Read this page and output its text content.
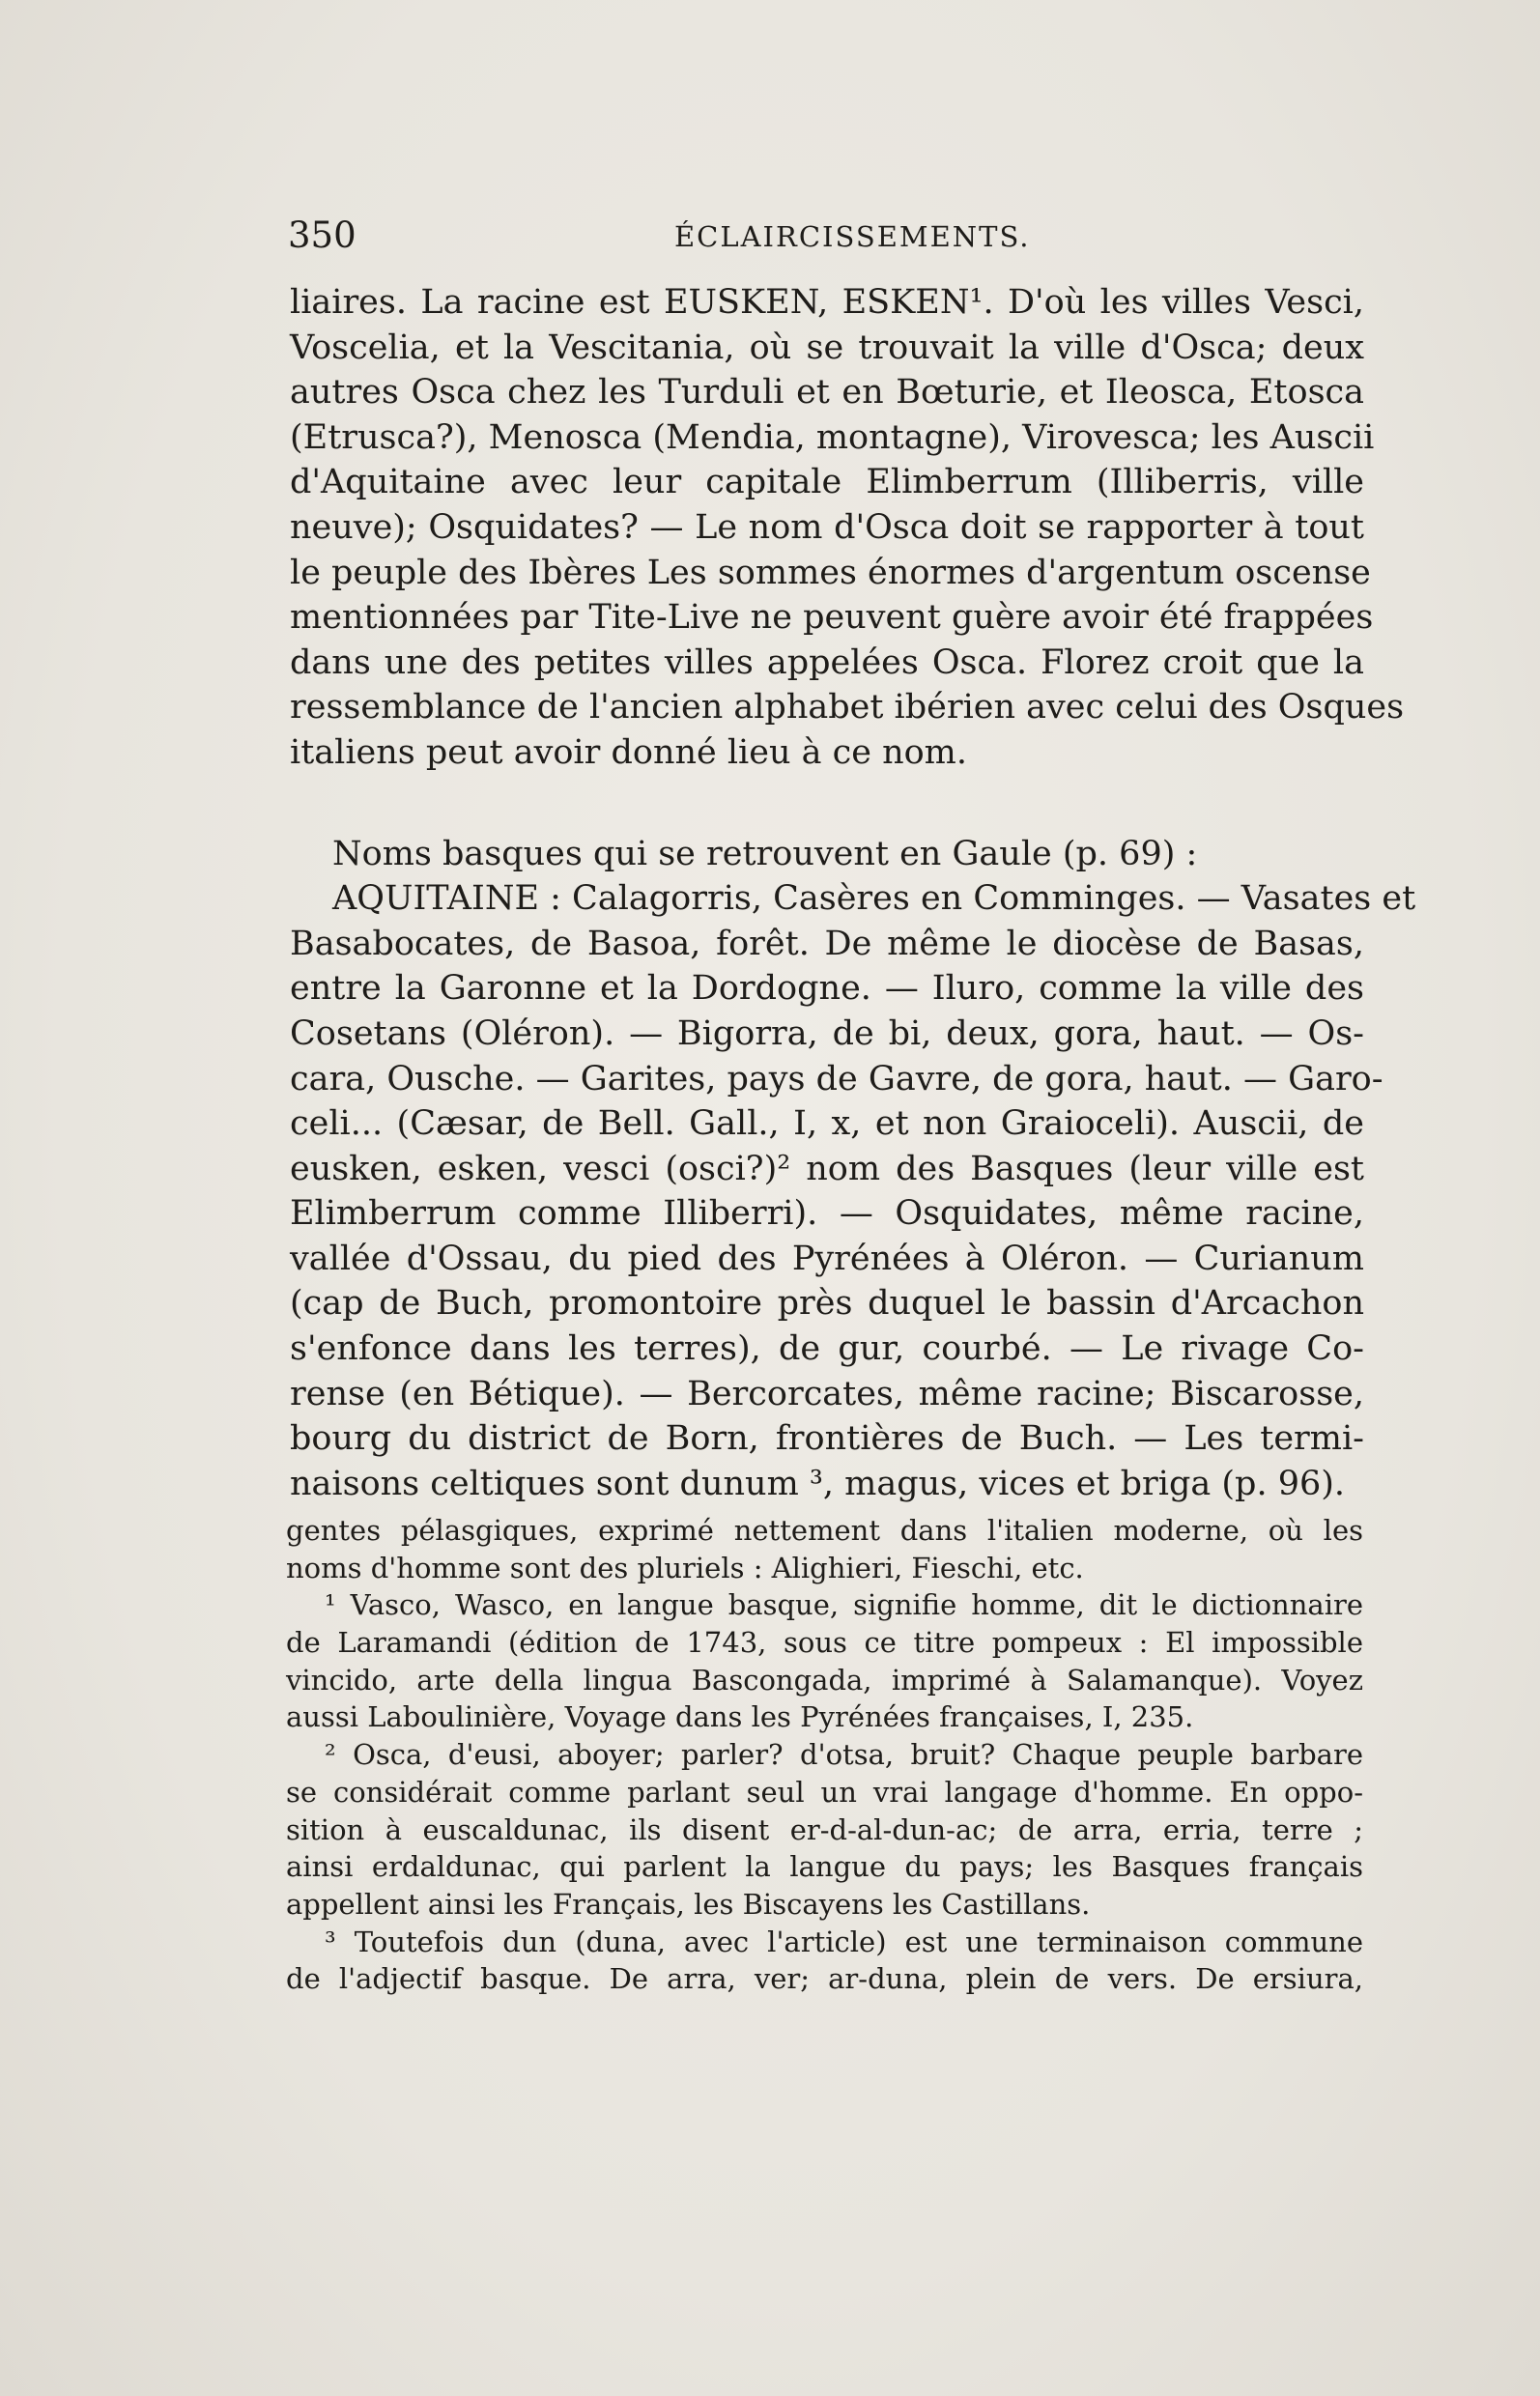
350	ÉCLAIRCISSEMENTS.
liaires. La racine est EUSKEN, ESKEN¹. D'où les villes Vesci,
Voscelia, et la Vescitania, où se trouvait la ville d'Osca; deux
autres Osca chez les Turduli et en Bœturie, et Ileosca, Etosca
(Etrusca?), Menosca (Mendia, montagne), Virovesca; les Auscii
d'Aquitaine avec leur capitale Elimberrum (Illiberris, ville
neuve); Osquidates? — Le nom d'Osca doit se rapporter à tout
le peuple des Ibères Les sommes énormes d'argentum oscense
mentionnées par Tite-Live ne peuvent guère avoir été frappées
dans une des petites villes appelées Osca. Florez croit que la
ressemblance de l'ancien alphabet ibérien avec celui des Osques
italiens peut avoir donné lieu à ce nom.
Noms basques qui se retrouvent en Gaule (p. 69) :
AQUITAINE : Calagorris, Casères en Comminges. — Vasates et
Basabocates, de Basoa, forêt. De même le diocèse de Basas,
entre la Garonne et la Dordogne. — Iluro, comme la ville des
Cosetans (Oléron). — Bigorra, de bi, deux, gora, haut. — Os-
cara, Ousche. — Garites, pays de Gavre, de gora, haut. — Garo-
celi... (Cæsar, de Bell. Gall., I, x, et non Graioceli). Auscii, de
eusken, esken, vesci (osci?)² nom des Basques (leur ville est
Elimberrum comme Illiberri). — Osquidates, même racine,
vallée d'Ossau, du pied des Pyrénées à Oléron. — Curianum
(cap de Buch, promontoire près duquel le bassin d'Arcachon
s'enfonce dans les terres), de gur, courbé. — Le rivage Co-
rense (en Bétique). — Bercorcates, même racine; Biscarosse,
bourg du district de Born, frontières de Buch. — Les termi-
naisons celtiques sont dunum ³, magus, vices et briga (p. 96).
gentes pélasgiques, exprimé nettement dans l'italien moderne, où les
noms d'homme sont des pluriels : Alighieri, Fieschi, etc.
¹ Vasco, Wasco, en langue basque, signifie homme, dit le dictionnaire
de Laramandi (édition de 1743, sous ce titre pompeux : El impossible
vincido, arte della lingua Bascongada, imprimé à Salamanque). Voyez
aussi Laboulinière, Voyage dans les Pyrénées françaises, I, 235.
² Osca, d'eusi, aboyer; parler? d'otsa, bruit? Chaque peuple barbare
se considérait comme parlant seul un vrai langage d'homme. En oppo-
sition à euscaldunac, ils disent er-d-al-dun-ac; de arra, erria, terre ;
ainsi erdaldunac, qui parlent la langue du pays; les Basques français
appellent ainsi les Français, les Biscayens les Castillans.
³ Toutefois dun (duna, avec l'article) est une terminaison commune
de l'adjectif basque. De arra, ver; ar-duna, plein de vers. De ersiura,
